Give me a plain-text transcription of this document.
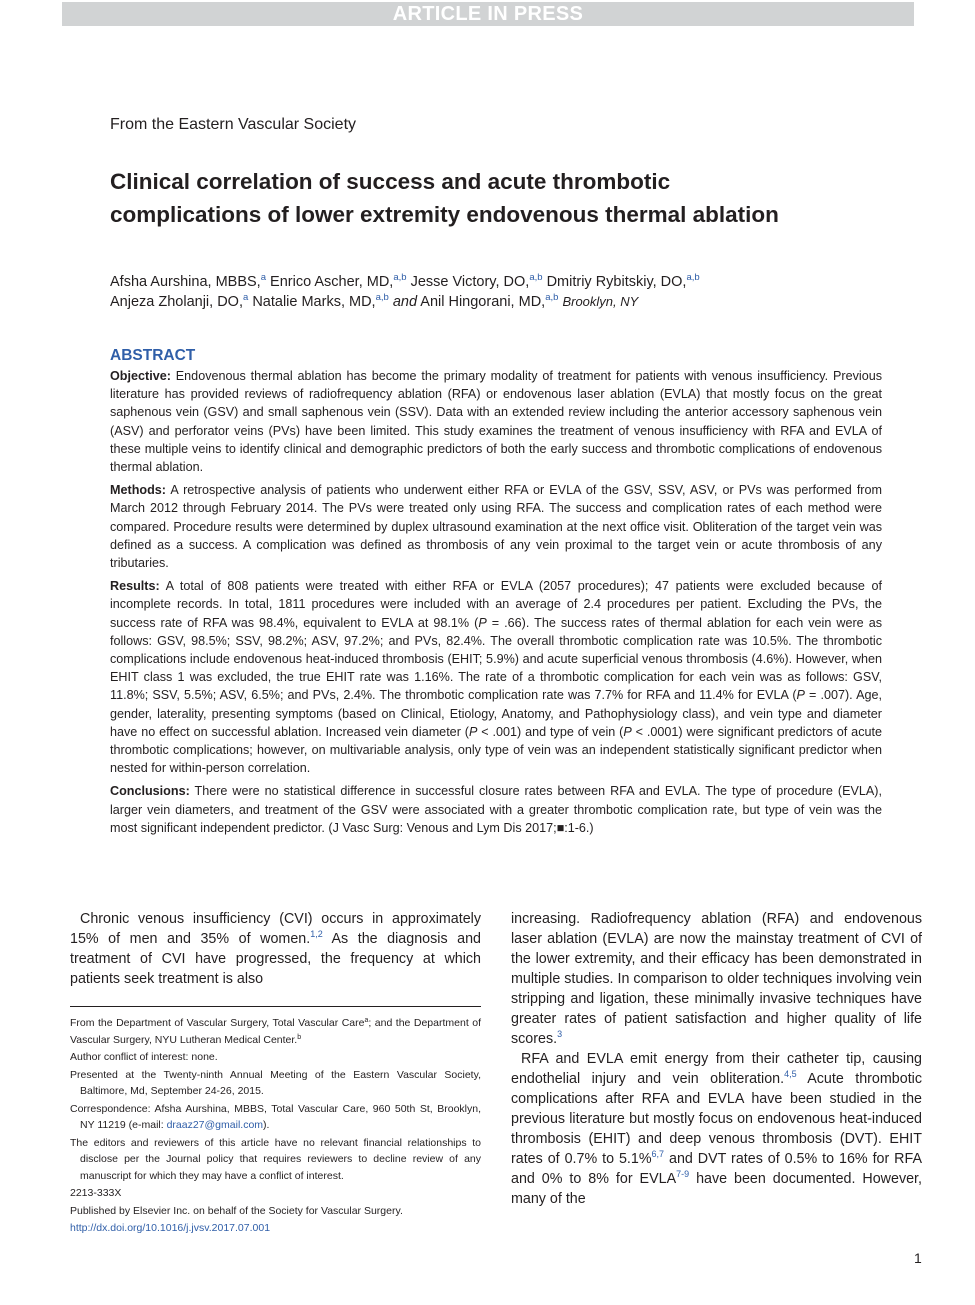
ARTICLE IN PRESS
From the Eastern Vascular Society
Clinical correlation of success and acute thrombotic complications of lower extremity endovenous thermal ablation
Afsha Aurshina, MBBS,$^a$ Enrico Ascher, MD,$^{a,b}$ Jesse Victory, DO,$^{a,b}$ Dmitriy Rybitskiy, DO,$^{a,b}$
Anjeza Zholanji, DO,$^a$ Natalie Marks, MD,$^{a,b}$ and Anil Hingorani, MD,$^{a,b}$ Brooklyn, NY
ABSTRACT

Objective: Endovenous thermal ablation has become the primary modality of treatment for patients with venous insufficiency. Previous literature has provided reviews of radiofrequency ablation (RFA) or endovenous laser ablation (EVLA) that mostly focus on the great saphenous vein (GSV) and small saphenous vein (SSV). Data with an extended review including the anterior accessory saphenous vein (ASV) and perforator veins (PVs) have been limited. This study examines the treatment of venous insufficiency with RFA and EVLA of these multiple veins to identify clinical and demographic predictors of both the early success and thrombotic complications of endovenous thermal ablation.

Methods: A retrospective analysis of patients who underwent either RFA or EVLA of the GSV, SSV, ASV, or PVs was performed from March 2012 through February 2014. The PVs were treated only using RFA. The success and complication rates of each method were compared. Procedure results were determined by duplex ultrasound examination at the next office visit. Obliteration of the target vein was defined as a success. A complication was defined as thrombosis of any vein proximal to the target vein or acute thrombosis of any tributaries.

Results: A total of 808 patients were treated with either RFA or EVLA (2057 procedures); 47 patients were excluded because of incomplete records. In total, 1811 procedures were included with an average of 2.4 procedures per patient. Excluding the PVs, the success rate of RFA was 98.4%, equivalent to EVLA at 98.1% (P = .66). The success rates of thermal ablation for each vein were as follows: GSV, 98.5%; SSV, 98.2%; ASV, 97.2%; and PVs, 82.4%. The overall thrombotic complication rate was 10.5%. The thrombotic complications include endovenous heat-induced thrombosis (EHIT; 5.9%) and acute superficial venous thrombosis (4.6%). However, when EHIT class 1 was excluded, the true EHIT rate was 1.16%. The rate of a thrombotic complication for each vein was as follows: GSV, 11.8%; SSV, 5.5%; ASV, 6.5%; and PVs, 2.4%. The thrombotic complication rate was 7.7% for RFA and 11.4% for EVLA (P = .007). Age, gender, laterality, presenting symptoms (based on Clinical, Etiology, Anatomy, and Pathophysiology class), and vein type and diameter have no effect on successful ablation. Increased vein diameter (P < .001) and type of vein (P < .0001) were significant predictors of acute thrombotic complications; however, on multivariable analysis, only type of vein was an independent statistically significant predictor when nested for within-person correlation.

Conclusions: There were no statistical difference in successful closure rates between RFA and EVLA. The type of procedure (EVLA), larger vein diameters, and treatment of the GSV were associated with a greater thrombotic complication rate, but type of vein was the most significant independent predictor. (J Vasc Surg: Venous and Lym Dis 2017;■:1-6.)

Chronic venous insufficiency (CVI) occurs in approximately 15% of men and 35% of women.$^{1,2}$ As the diagnosis and treatment of CVI have progressed, the frequency at which patients seek treatment is also

From the Department of Vascular Surgery, Total Vascular Care$^a$; and the Department of Vascular Surgery, NYU Lutheran Medical Center.$^b$

Author conflict of interest: none.

Presented at the Twenty-ninth Annual Meeting of the Eastern Vascular Society, Baltimore, Md, September 24-26, 2015.

Correspondence: Afsha Aurshina, MBBS, Total Vascular Care, 960 50th St, Brooklyn, NY 11219 (e-mail: draaz27@gmail.com).

The editors and reviewers of this article have no relevant financial relationships to disclose per the Journal policy that requires reviewers to decline review of any manuscript for which they may have a conflict of interest.

2213-333X

Published by Elsevier Inc. on behalf of the Society for Vascular Surgery.

http://dx.doi.org/10.1016/j.jvsv.2017.07.001

increasing. Radiofrequency ablation (RFA) and endovenous laser ablation (EVLA) are now the mainstay treatment of CVI of the lower extremity, and their efficacy has been demonstrated in multiple studies. In comparison to older techniques involving vein stripping and ligation, these minimally invasive techniques have greater rates of patient satisfaction and higher quality of life scores.$^3$

RFA and EVLA emit energy from their catheter tip, causing endothelial injury and vein obliteration.$^{4,5}$ Acute thrombotic complications after RFA and EVLA have been studied in the previous literature but mostly focus on endovenous heat-induced thrombosis (EHIT) and deep venous thrombosis (DVT). EHIT rates of 0.7% to 5.1%$^{6,7}$ and DVT rates of 0.5% to 16% for RFA and 0% to 8% for EVLA$^{7-9}$ have been documented. However, many of the

1
